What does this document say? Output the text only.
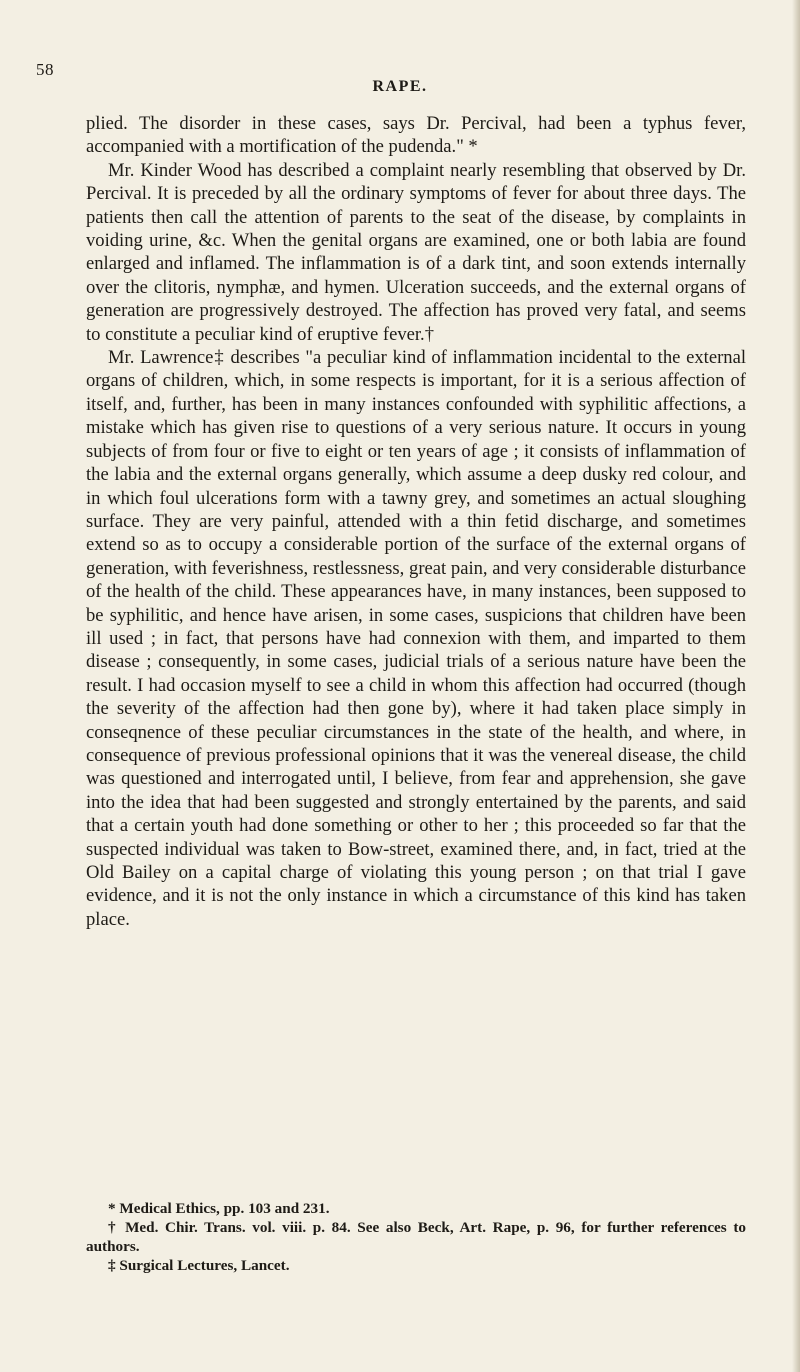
58
RAPE.

plied. The disorder in these cases, says Dr. Percival, had been a typhus fever, accompanied with a mortification of the pudenda." *

Mr. Kinder Wood has described a complaint nearly resembling that observed by Dr. Percival. It is preceded by all the ordinary symptoms of fever for about three days. The patients then call the attention of parents to the seat of the disease, by complaints in voiding urine, &c. When the genital organs are examined, one or both labia are found enlarged and inflamed. The inflammation is of a dark tint, and soon extends internally over the clitoris, nymphæ, and hymen. Ulceration succeeds, and the external organs of generation are progressively destroyed. The affection has proved very fatal, and seems to constitute a peculiar kind of eruptive fever.†

Mr. Lawrence‡ describes "a peculiar kind of inflammation incidental to the external organs of children, which, in some respects is important, for it is a serious affection of itself, and, further, has been in many instances confounded with syphilitic affections, a mistake which has given rise to questions of a very serious nature. It occurs in young subjects of from four or five to eight or ten years of age ; it consists of inflammation of the labia and the external organs generally, which assume a deep dusky red colour, and in which foul ulcerations form with a tawny grey, and sometimes an actual sloughing surface. They are very painful, attended with a thin fetid discharge, and sometimes extend so as to occupy a considerable portion of the surface of the external organs of generation, with feverishness, restlessness, great pain, and very considerable disturbance of the health of the child. These appearances have, in many instances, been supposed to be syphilitic, and hence have arisen, in some cases, suspicions that children have been ill used ; in fact, that persons have had connexion with them, and imparted to them disease ; consequently, in some cases, judicial trials of a serious nature have been the result. I had occasion myself to see a child in whom this affection had occurred (though the severity of the affection had then gone by), where it had taken place simply in conseqnence of these peculiar circumstances in the state of the health, and where, in consequence of previous professional opinions that it was the venereal disease, the child was questioned and interrogated until, I believe, from fear and apprehension, she gave into the idea that had been suggested and strongly entertained by the parents, and said that a certain youth had done something or other to her ; this proceeded so far that the suspected individual was taken to Bow-street, examined there, and, in fact, tried at the Old Bailey on a capital charge of violating this young person ; on that trial I gave evidence, and it is not the only instance in which a circumstance of this kind has taken place.

* Medical Ethics, pp. 103 and 231.

† Med. Chir. Trans. vol. viii. p. 84. See also Beck, Art. Rape, p. 96, for further references to authors.

‡ Surgical Lectures, Lancet.
